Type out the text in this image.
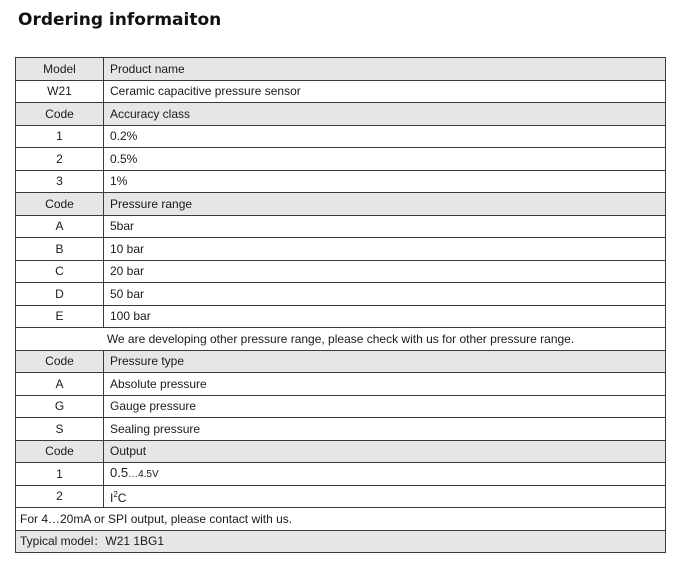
Ordering informaiton
Model	Product name
W21	Ceramic capacitive pressure sensor
Code	Accuracy class
1	0.2%
2	0.5%
3	1%
Code	Pressure range
A	5bar
B	10 bar
C	20 bar
D	50 bar
E	100 bar
We are developing other pressure range, please check with us for other pressure range.	
Code	Pressure type
A	Absolute pressure
G	Gauge pressure
S	Sealing pressure
Code	Output
1	0.5…4.5V
2	$I^2C$
For 4…20mA or SPI output, please contact with us.	
Typical model：W21 1BG1	
